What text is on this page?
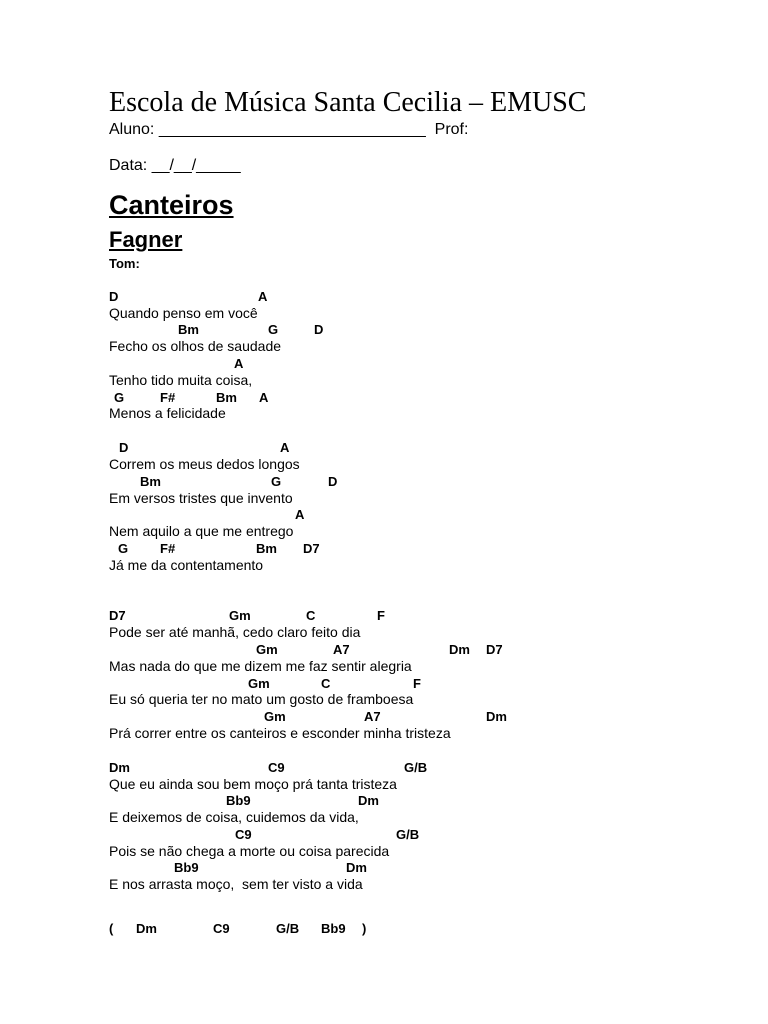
Escola de Música Santa Cecilia – EMUSC
Aluno: ______________________________  Prof:
Data: __/__/_____
Canteiros
Fagner
Tom:
D	A
Quando penso em você
Bm	G	D
Fecho os olhos de saudade
A
Tenho tido muita coisa,
G	F#	Bm A
Menos a felicidade
D	A
Correm os meus dedos longos
Bm	G	D
Em versos tristes que invento
A
Nem aquilo a que me entrego
G F#	Bm D7
Já me da contentamento
D7	Gm	C	F
Pode ser até manhã, cedo claro feito dia
Gm	A7	Dm D7
Mas nada do que me dizem me faz sentir alegria
Gm	C	F
Eu só queria ter no mato um gosto de framboesa
Gm	A7	Dm
Prá correr entre os canteiros e esconder minha tristeza
Dm	C9	G/B
Que eu ainda sou bem moço prá tanta tristeza
Bb9	Dm
E deixemos de coisa, cuidemos da vida,
C9	G/B
Pois se não chega a morte ou coisa parecida
Bb9	Dm
E nos arrasta moço,  sem ter visto a vida
( Dm	C9	G/B Bb9 )
